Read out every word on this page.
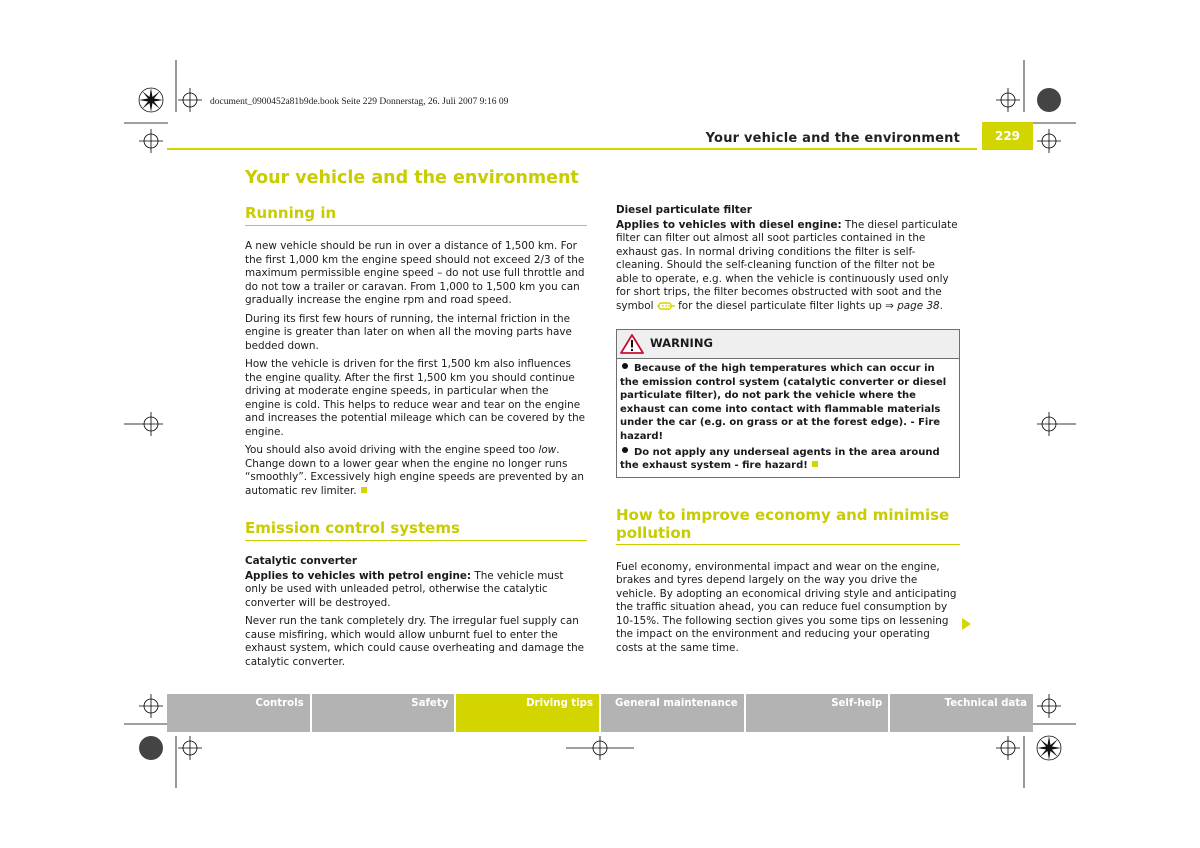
document_0900452a81b9de.book Seite 229 Donnerstag, 26. Juli 2007 9:16 09
Your vehicle and the environment	229
Your vehicle and the environment
Running in

A new vehicle should be run in over a distance of 1,500 km. For the first 1,000 km the engine speed should not exceed 2/3 of the maximum permissible engine speed – do not use full throttle and do not tow a trailer or caravan. From 1,000 to 1,500 km you can gradually increase the engine rpm and road speed.

During its first few hours of running, the internal friction in the engine is greater than later on when all the moving parts have bedded down.

How the vehicle is driven for the first 1,500 km also influences the engine quality. After the first 1,500 km you should continue driving at moderate engine speeds, in particular when the engine is cold. This helps to reduce wear and tear on the engine and increases the potential mileage which can be covered by the engine.

You should also avoid driving with the engine speed too low. Change down to a lower gear when the engine no longer runs “smoothly”. Excessively high engine speeds are prevented by an automatic rev limiter.

Emission control systems
Catalytic converter

Applies to vehicles with petrol engine: The vehicle must only be used with unleaded petrol, otherwise the catalytic converter will be destroyed.

Never run the tank completely dry. The irregular fuel supply can cause misfiring, which would allow unburnt fuel to enter the exhaust system, which could cause overheating and damage the catalytic converter.

Diesel particulate filter

Applies to vehicles with diesel engine: The diesel particulate filter can filter out almost all soot particles contained in the exhaust gas. In normal driving conditions the filter is self-cleaning. Should the self-cleaning function of the filter not be able to operate, e.g. when the vehicle is continuously used only for short trips, the filter becomes obstructed with soot and the symbol  for the diesel particulate filter lights up ⇒ page 38.

WARNING
Because of the high temperatures which can occur in the emission control system (catalytic converter or diesel particulate filter), do not park the vehicle where the exhaust can come into contact with flammable materials under the car (e.g. on grass or at the forest edge). - Fire hazard!
Do not apply any underseal agents in the area around the exhaust system - fire hazard!
How to improve economy and minimise pollution

Fuel economy, environmental impact and wear on the engine, brakes and tyres depend largely on the way you drive the vehicle. By adopting an economical driving style and anticipating the traffic situation ahead, you can reduce fuel consumption by 10-15%. The following section gives you some tips on lessening the impact on the environment and reducing your operating costs at the same time.

Controls	Safety	Driving tips	General maintenance	Self-help	Technical data
